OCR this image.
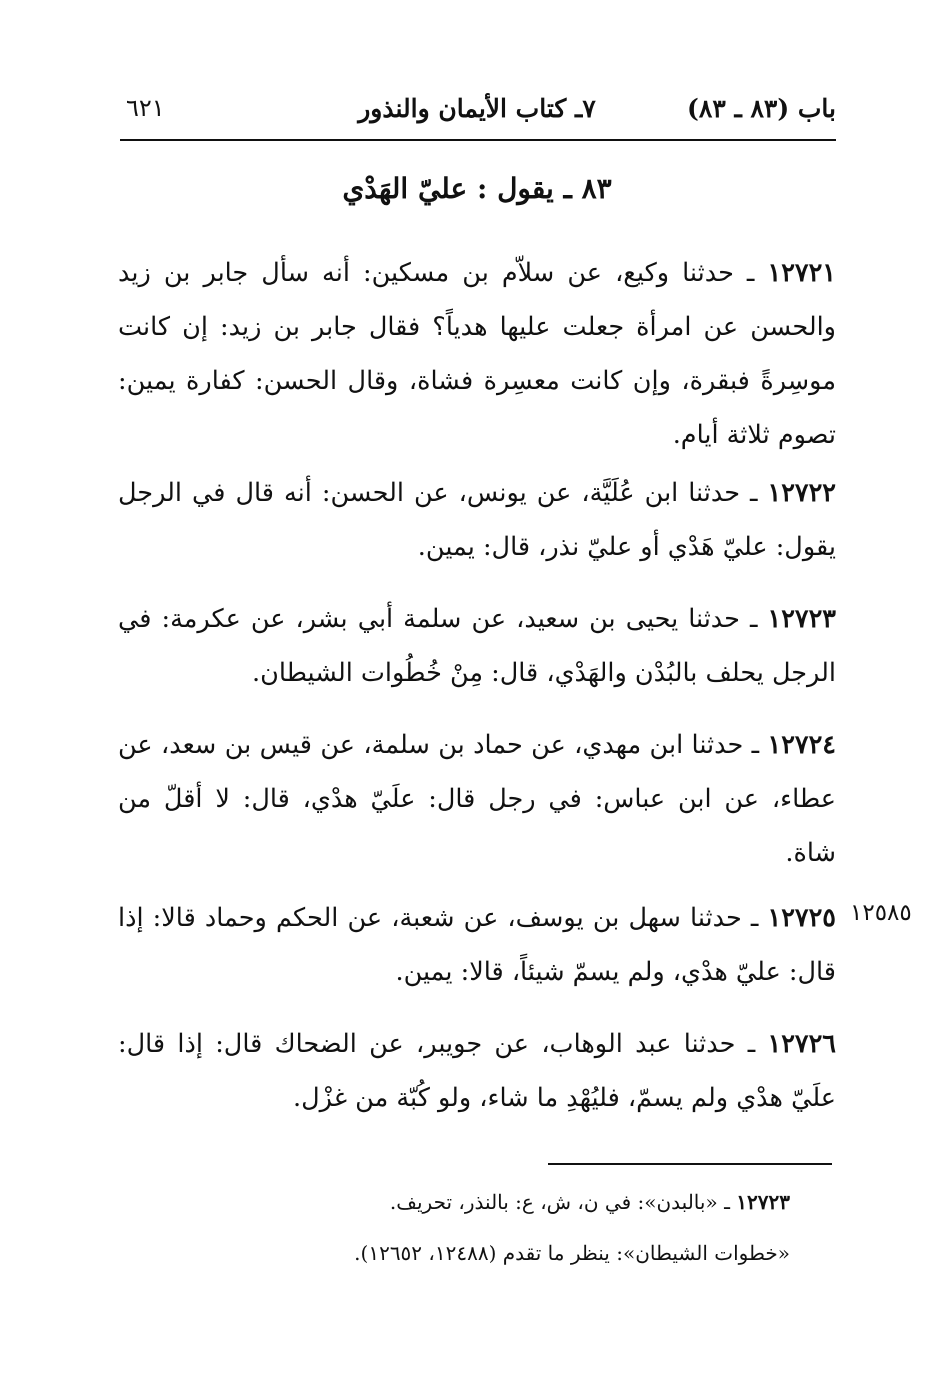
باب (٨٣ ـ ٨٣)
٧ـ كتاب الأيمان والنذور
٦٢١
٨٣ ـ يقول : عليّ الهَدْي
١٢٧٢١ ـ حدثنا وكيع، عن سلاّم بن مسكين: أنه سأل جابر بن زيد والحسن عن امرأة جعلت عليها هدياً؟ فقال جابر بن زيد: إن كانت موسِرةً فبقرة، وإن كانت معسِرة فشاة، وقال الحسن: كفارة يمين: تصوم ثلاثة أيام.
١٢٧٢٢ ـ حدثنا ابن عُلَيَّة، عن يونس، عن الحسن: أنه قال في الرجل يقول: عليّ هَدْي أو عليّ نذر، قال: يمين.
١٢٧٢٣ ـ حدثنا يحيى بن سعيد، عن سلمة أبي بشر، عن عكرمة: في الرجل يحلف بالبُدْن والهَدْي، قال: مِنْ خُطُوات الشيطان.
١٢٧٢٤ ـ حدثنا ابن مهدي، عن حماد بن سلمة، عن قيس بن سعد، عن عطاء، عن ابن عباس: في رجل قال: علَيّ هدْي، قال: لا أقلّ من شاة.
١٢٥٨٥
١٢٧٢٥ ـ حدثنا سهل بن يوسف، عن شعبة، عن الحكم وحماد قالا: إذا قال: عليّ هدْي، ولم يسمّ شيئاً، قالا: يمين.
١٢٧٢٦ ـ حدثنا عبد الوهاب، عن جويبر، عن الضحاك قال: إذا قال: علَيّ هدْي ولم يسمّ، فليُهْدِ ما شاء، ولو كُبّة من غزْل.
١٢٧٢٣ ـ «بالبدن»: في ن، ش، ع: بالنذر، تحريف.
«خطوات الشيطان»: ينظر ما تقدم (١٢٤٨٨، ١٢٦٥٢).
